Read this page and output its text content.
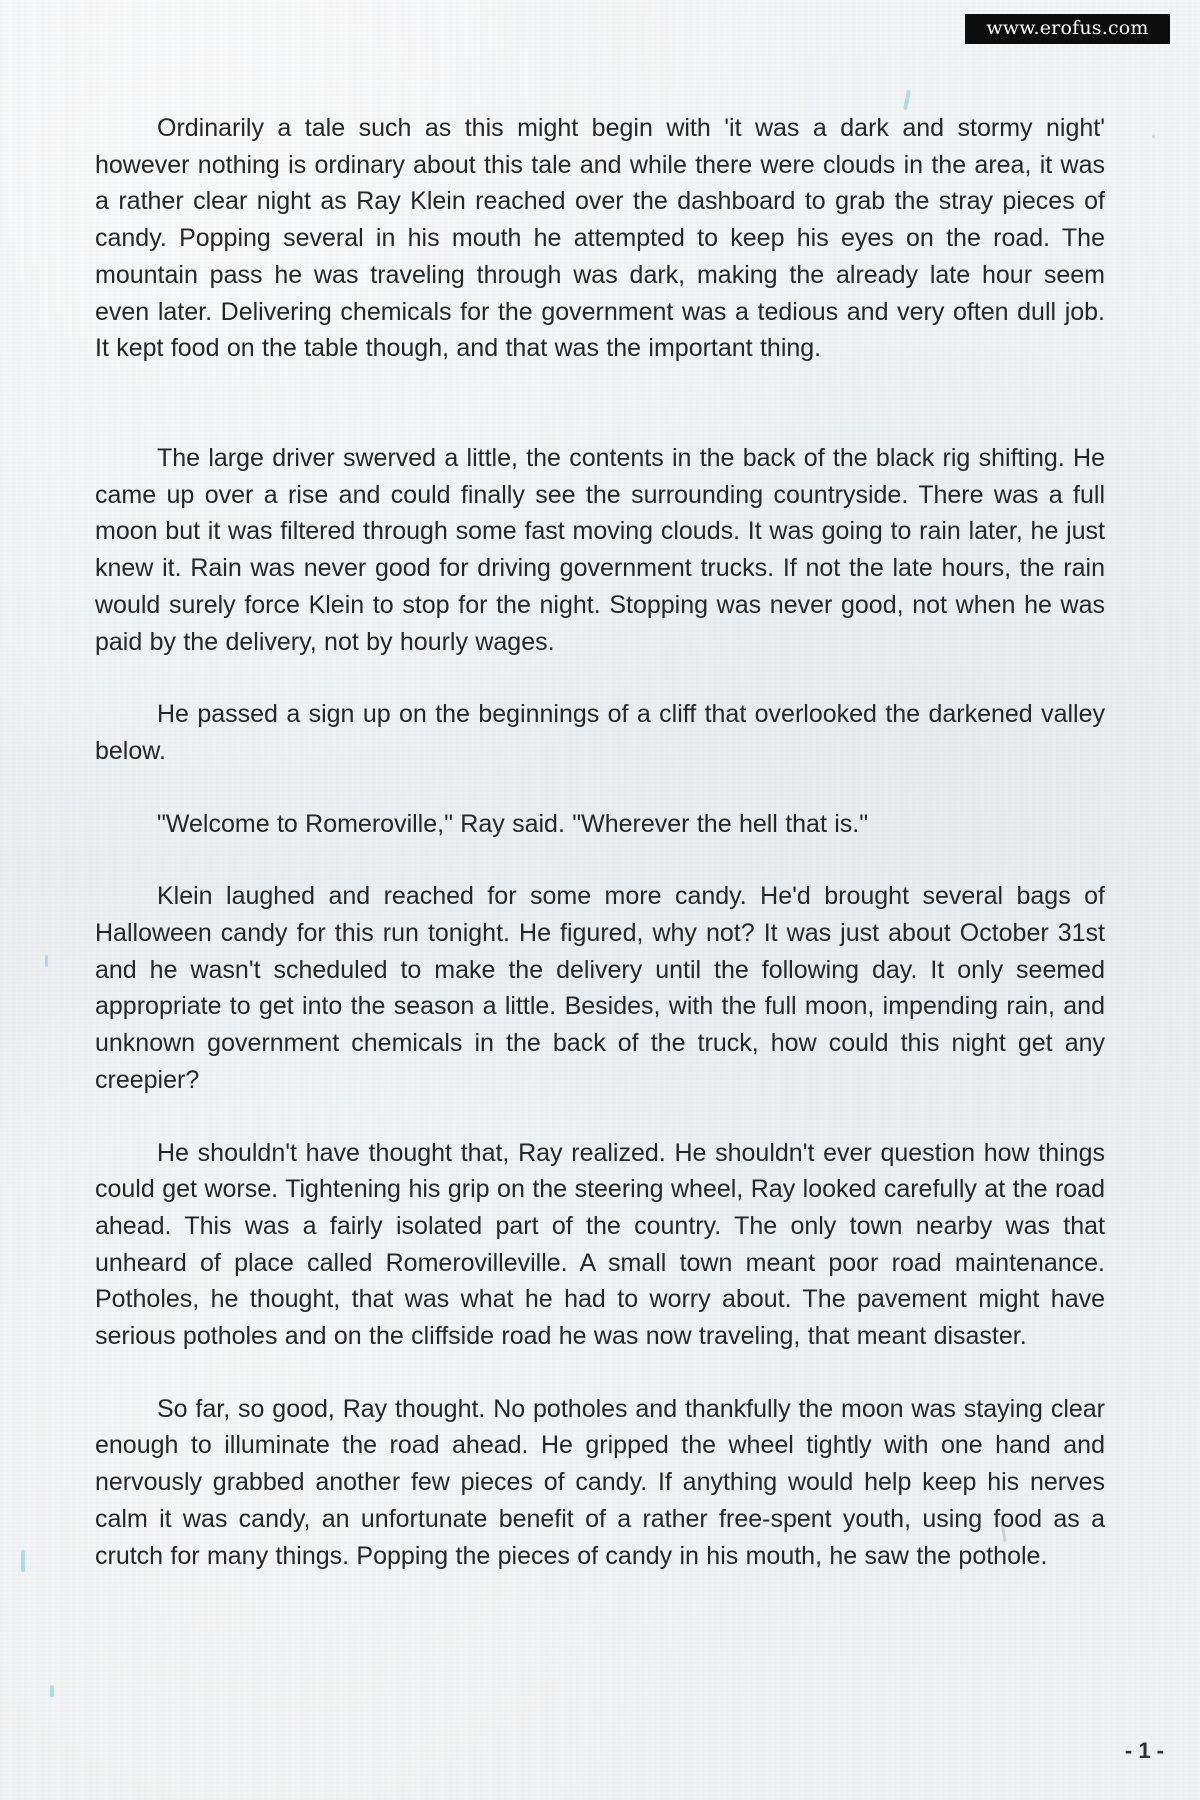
www.erofus.com

Ordinarily a tale such as this might begin with 'it was a dark and stormy night' however nothing is ordinary about this tale and while there were clouds in the area, it was a rather clear night as Ray Klein reached over the dashboard to grab the stray pieces of candy. Popping several in his mouth he attempted to keep his eyes on the road. The mountain pass he was traveling through was dark, making the already late hour seem even later. Delivering chemicals for the government was a tedious and very often dull job. It kept food on the table though, and that was the important thing.

The large driver swerved a little, the contents in the back of the black rig shifting. He came up over a rise and could finally see the surrounding countryside. There was a full moon but it was filtered through some fast moving clouds. It was going to rain later, he just knew it. Rain was never good for driving government trucks. If not the late hours, the rain would surely force Klein to stop for the night. Stopping was never good, not when he was paid by the delivery, not by hourly wages.

He passed a sign up on the beginnings of a cliff that overlooked the darkened valley below.

"Welcome to Romeroville," Ray said. "Wherever the hell that is."

Klein laughed and reached for some more candy. He'd brought several bags of Halloween candy for this run tonight. He figured, why not? It was just about October 31st and he wasn't scheduled to make the delivery until the following day. It only seemed appropriate to get into the season a little. Besides, with the full moon, impending rain, and unknown government chemicals in the back of the truck, how could this night get any creepier?

He shouldn't have thought that, Ray realized. He shouldn't ever question how things could get worse. Tightening his grip on the steering wheel, Ray looked carefully at the road ahead. This was a fairly isolated part of the country. The only town nearby was that unheard of place called Romerovilleville. A small town meant poor road maintenance. Potholes, he thought, that was what he had to worry about. The pavement might have serious potholes and on the cliffside road he was now traveling, that meant disaster.

So far, so good, Ray thought. No potholes and thankfully the moon was staying clear enough to illuminate the road ahead. He gripped the wheel tightly with one hand and nervously grabbed another few pieces of candy. If anything would help keep his nerves calm it was candy, an unfortunate benefit of a rather free-spent youth, using food as a crutch for many things. Popping the pieces of candy in his mouth, he saw the pothole.

- 1 -
